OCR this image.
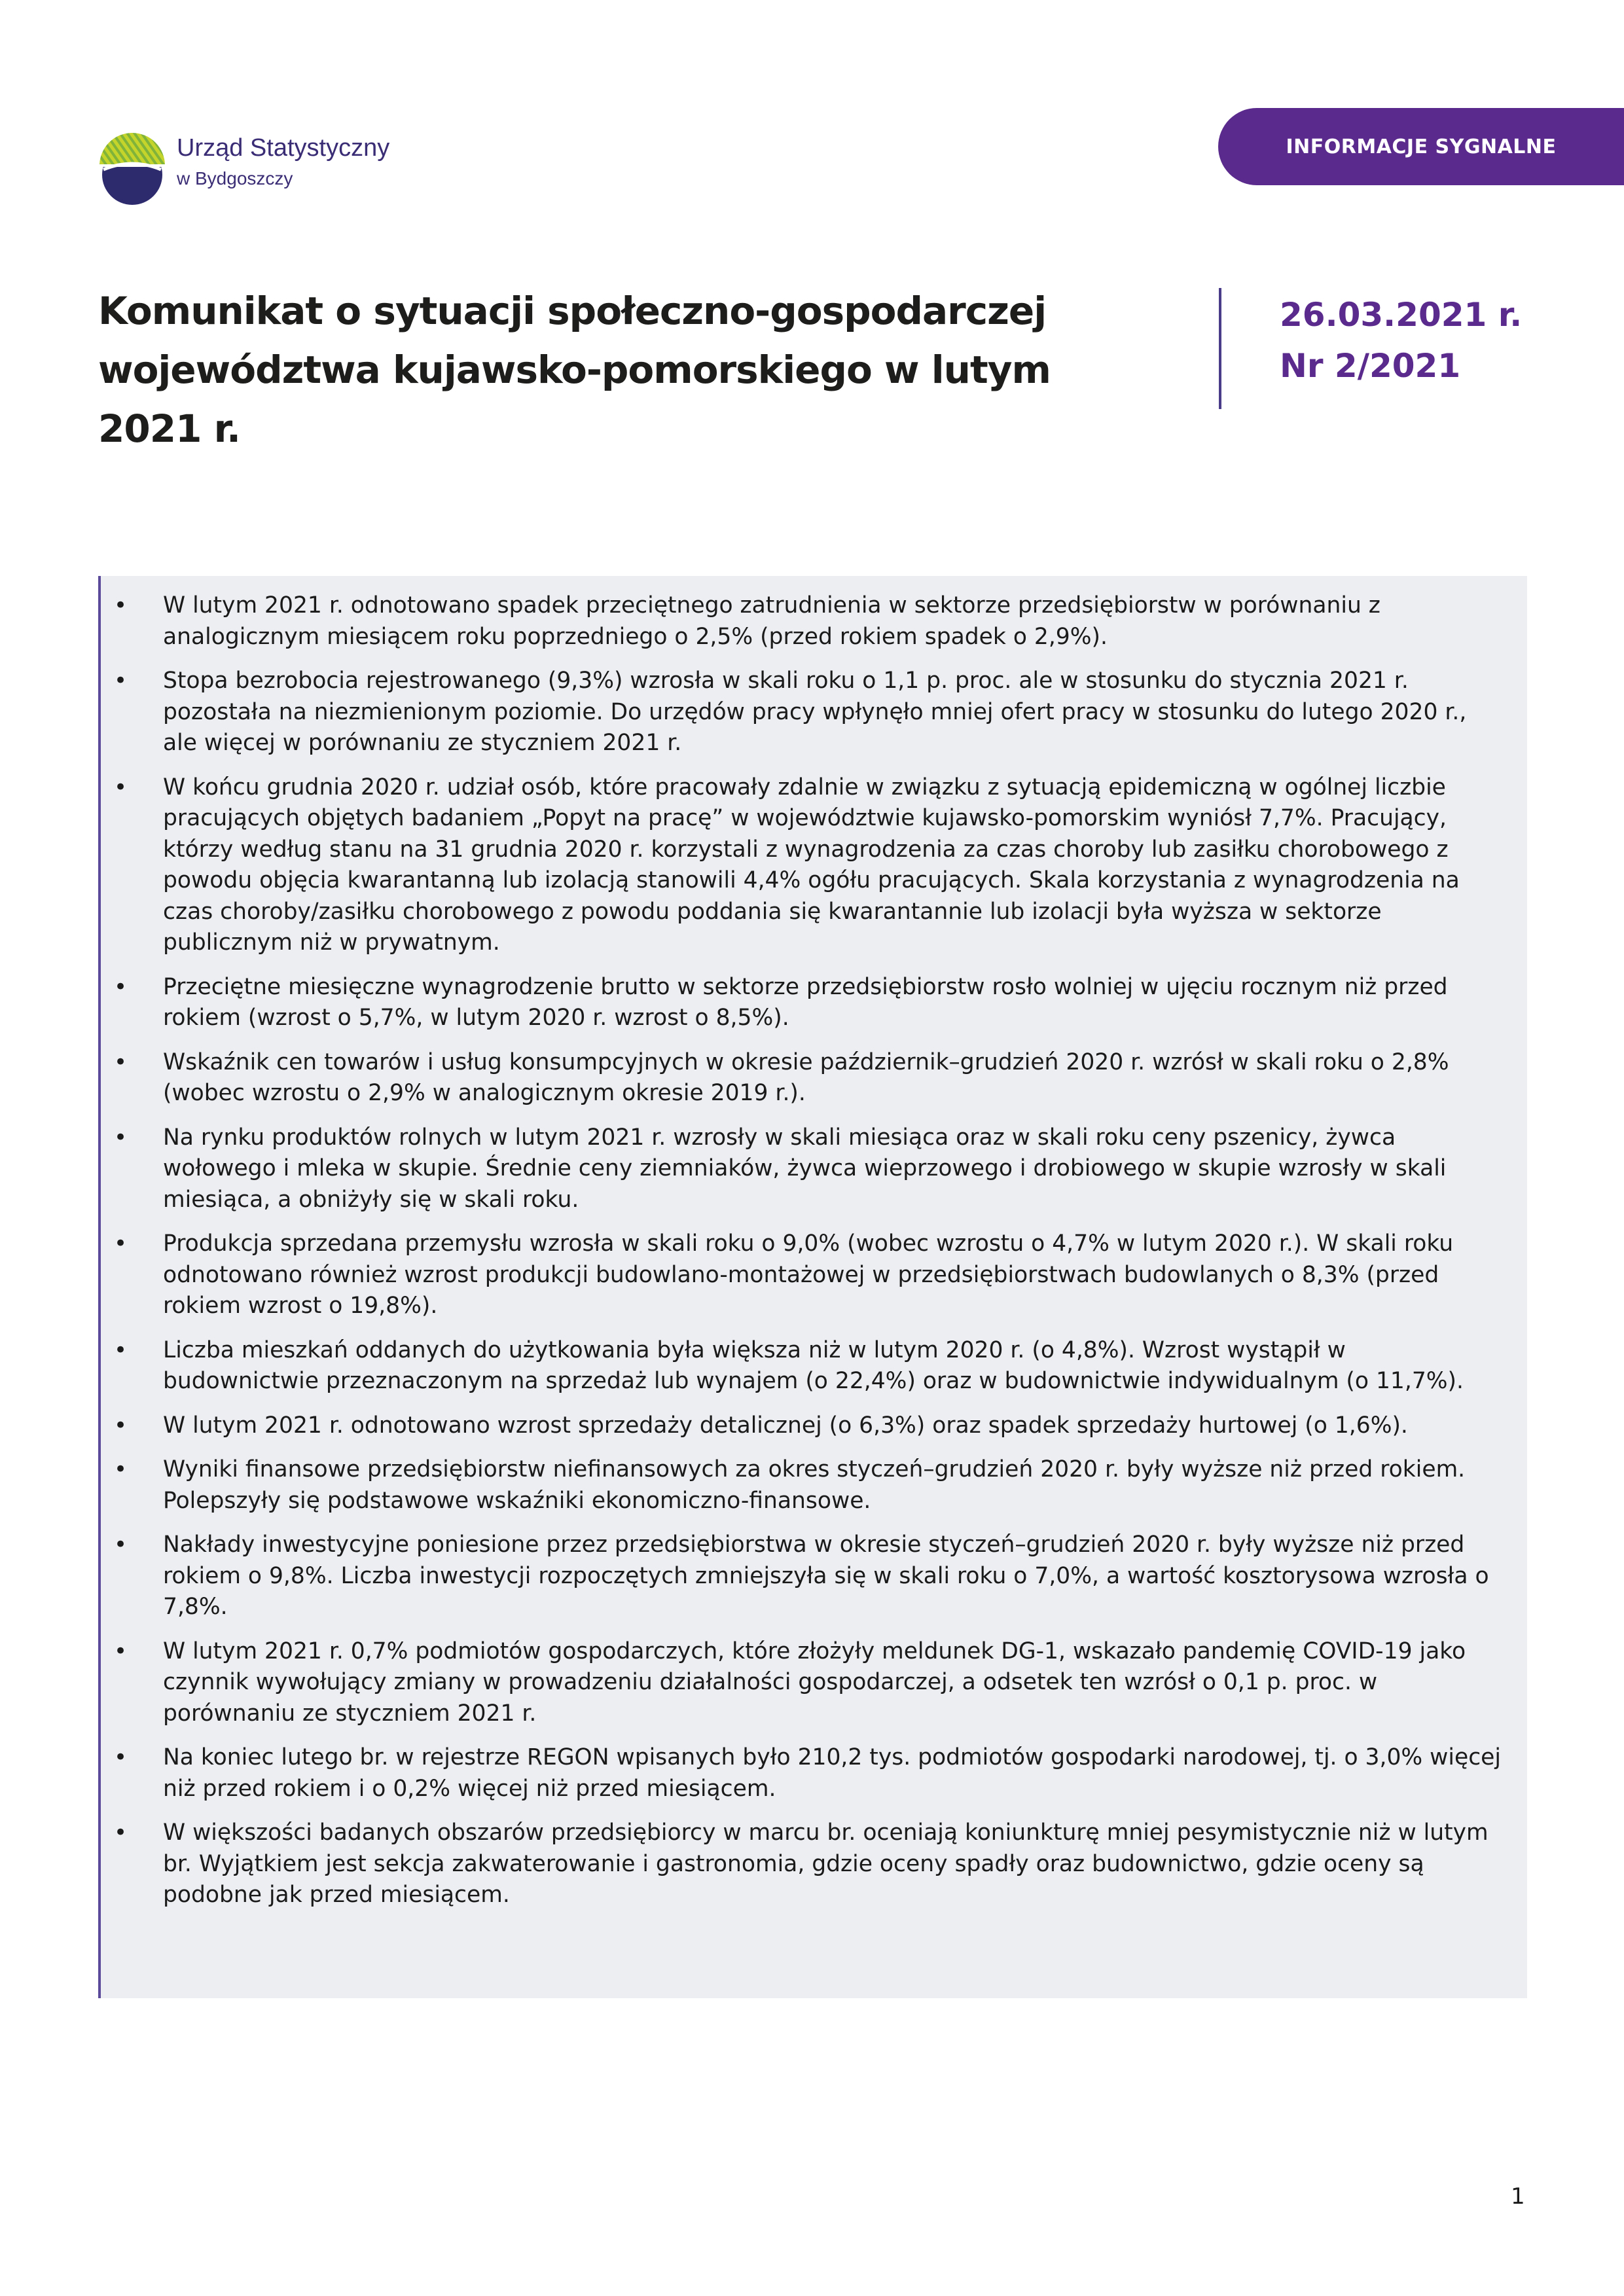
Urząd Statystyczny
w Bydgoszczy
INFORMACJE SYGNALNE
Komunikat o sytuacji społeczno-gospodarczej województwa kujawsko-pomorskiego w lutym 2021 r.
26.03.2021 r.
Nr 2/2021
• W lutym 2021 r. odnotowano spadek przeciętnego zatrudnienia w sektorze przedsiębiorstw w porównaniu z analogicznym miesiącem roku poprzedniego o 2,5% (przed rokiem spadek o 2,9%).
• Stopa bezrobocia rejestrowanego (9,3%) wzrosła w skali roku o 1,1 p. proc. ale w stosunku do stycznia 2021 r. pozostała na niezmienionym poziomie. Do urzędów pracy wpłynęło mniej ofert pracy w stosunku do lutego 2020 r., ale więcej w porównaniu ze styczniem 2021 r.
• W końcu grudnia 2020 r. udział osób, które pracowały zdalnie w związku z sytuacją epidemiczną w ogólnej liczbie pracujących objętych badaniem „Popyt na pracę” w województwie kujawsko-pomorskim wyniósł 7,7%. Pracujący, którzy według stanu na 31 grudnia 2020 r. korzystali z wynagrodzenia za czas choroby lub zasiłku chorobowego z powodu objęcia kwarantanną lub izolacją stanowili 4,4% ogółu pracujących. Skala korzystania z wynagrodzenia na czas choroby/zasiłku chorobowego z powodu poddania się kwarantannie lub izolacji była wyższa w sektorze publicznym niż w prywatnym.
• Przeciętne miesięczne wynagrodzenie brutto w sektorze przedsiębiorstw rosło wolniej w ujęciu rocznym niż przed rokiem (wzrost o 5,7%, w lutym 2020 r. wzrost o 8,5%).
• Wskaźnik cen towarów i usług konsumpcyjnych w okresie październik–grudzień 2020 r. wzrósł w skali roku o 2,8% (wobec wzrostu o 2,9% w analogicznym okresie 2019 r.).
• Na rynku produktów rolnych w lutym 2021 r. wzrosły w skali miesiąca oraz w skali roku ceny pszenicy, żywca wołowego i mleka w skupie. Średnie ceny ziemniaków, żywca wieprzowego i drobiowego w skupie wzrosły w skali miesiąca, a obniżyły się w skali roku.
• Produkcja sprzedana przemysłu wzrosła w skali roku o 9,0% (wobec wzrostu o 4,7% w lutym 2020 r.). W skali roku odnotowano również wzrost produkcji budowlano-montażowej w przedsiębiorstwach budowlanych o 8,3% (przed rokiem wzrost o 19,8%).
• Liczba mieszkań oddanych do użytkowania była większa niż w lutym 2020 r. (o 4,8%). Wzrost wystąpił w budownictwie przeznaczonym na sprzedaż lub wynajem (o 22,4%) oraz w budownictwie indywidualnym (o 11,7%).
• W lutym 2021 r. odnotowano wzrost sprzedaży detalicznej (o 6,3%) oraz spadek sprzedaży hurtowej (o 1,6%).
• Wyniki finansowe przedsiębiorstw niefinansowych za okres styczeń–grudzień 2020 r. były wyższe niż przed rokiem. Polepszyły się podstawowe wskaźniki ekonomiczno-finansowe.
• Nakłady inwestycyjne poniesione przez przedsiębiorstwa w okresie styczeń–grudzień 2020 r. były wyższe niż przed rokiem o 9,8%. Liczba inwestycji rozpoczętych zmniejszyła się w skali roku o 7,0%, a wartość kosztorysowa wzrosła o 7,8%.
• W lutym 2021 r. 0,7% podmiotów gospodarczych, które złożyły meldunek DG-1, wskazało pandemię COVID-19 jako czynnik wywołujący zmiany w prowadzeniu działalności gospodarczej, a odsetek ten wzrósł o 0,1 p. proc. w porównaniu ze styczniem 2021 r.
• Na koniec lutego br. w rejestrze REGON wpisanych było 210,2 tys. podmiotów gospodarki narodowej, tj. o 3,0% więcej niż przed rokiem i o 0,2% więcej niż przed miesiącem.
• W większości badanych obszarów przedsiębiorcy w marcu br. oceniają koniunkturę mniej pesymistycznie niż w lutym br. Wyjątkiem jest sekcja zakwaterowanie i gastronomia, gdzie oceny spadły oraz budownictwo, gdzie oceny są podobne jak przed miesiącem.
1
